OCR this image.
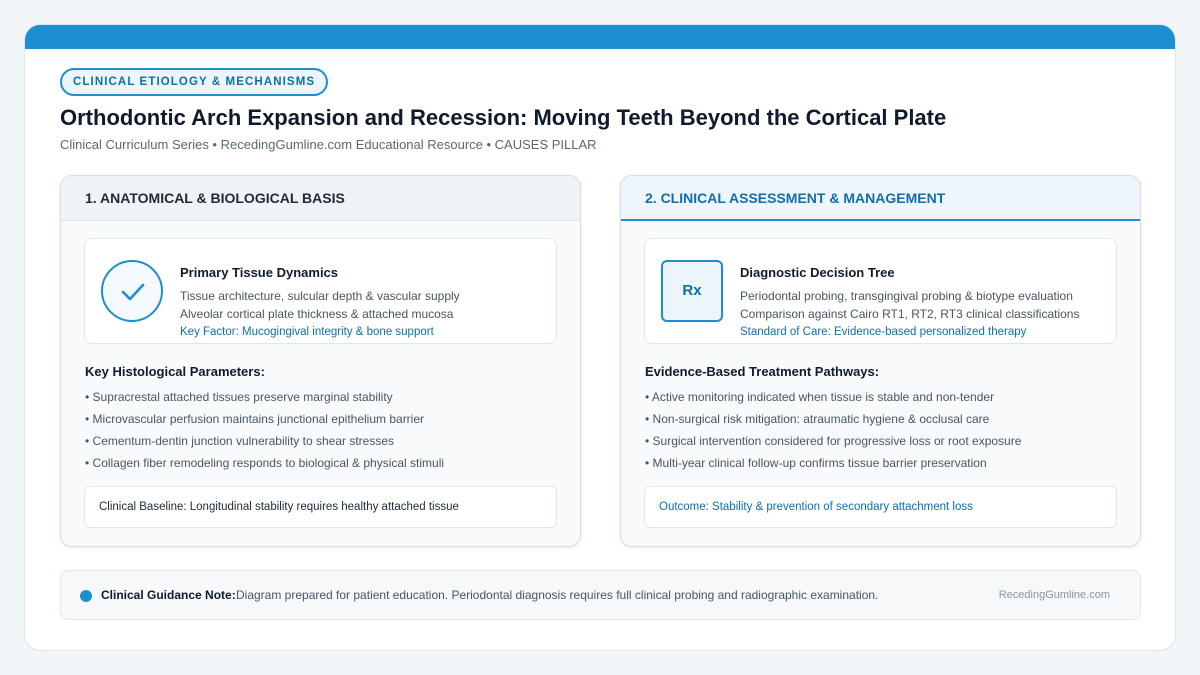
CLINICAL ETIOLOGY & MECHANISMS
Orthodontic Arch Expansion and Recession: Moving Teeth Beyond the Cortical Plate
Clinical Curriculum Series • RecedingGumline.com Educational Resource • CAUSES PILLAR
1. ANATOMICAL & BIOLOGICAL BASIS
Primary Tissue Dynamics
Tissue architecture, sulcular depth & vascular supply
Alveolar cortical plate thickness & attached mucosa
Key Factor: Mucogingival integrity & bone support
Key Histological Parameters:
• Supracrestal attached tissues preserve marginal stability
• Microvascular perfusion maintains junctional epithelium barrier
• Cementum-dentin junction vulnerability to shear stresses
• Collagen fiber remodeling responds to biological & physical stimuli
Clinical Baseline: Longitudinal stability requires healthy attached tissue
2. CLINICAL ASSESSMENT & MANAGEMENT
Rx
Diagnostic Decision Tree
Periodontal probing, transgingival probing & biotype evaluation
Comparison against Cairo RT1, RT2, RT3 clinical classifications
Standard of Care: Evidence-based personalized therapy
Evidence-Based Treatment Pathways:
• Active monitoring indicated when tissue is stable and non-tender
• Non-surgical risk mitigation: atraumatic hygiene & occlusal care
• Surgical intervention considered for progressive loss or root exposure
• Multi-year clinical follow-up confirms tissue barrier preservation
Outcome: Stability & prevention of secondary attachment loss
Clinical Guidance Note: Diagram prepared for patient education. Periodontal diagnosis requires full clinical probing and radiographic examination.	RecedingGumline.com
